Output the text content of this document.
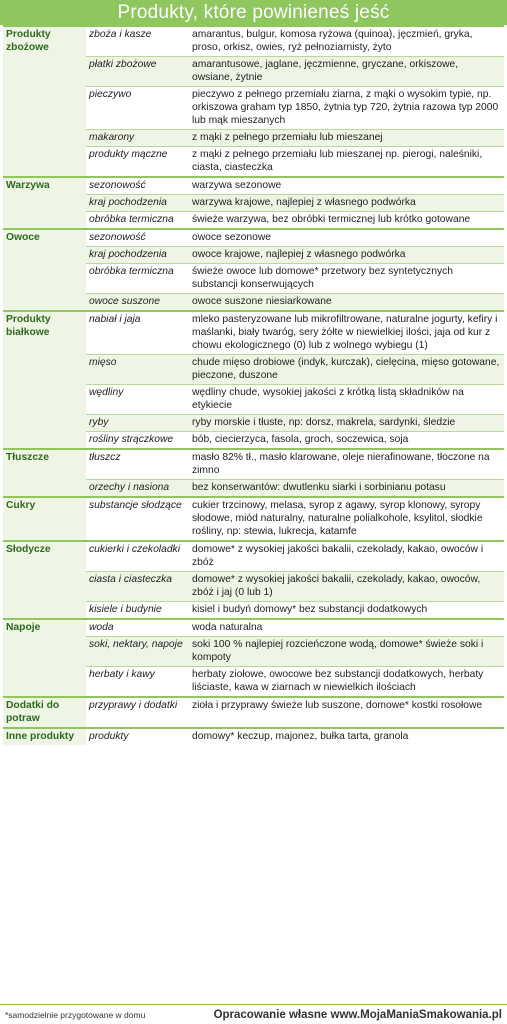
Produkty, które powinieneś jeść
Produkty zbożowe	zboża i kasze	amarantus, bulgur, komosa ryżowa (quinoa), jęczmień, gryka, proso, orkisz, owies, ryż pełnoziarnisty, żyto
	płatki zbożowe	amarantusowe, jaglane, jęczmienne, gryczane, orkiszowe, owsiane, żytnie
	pieczywo	pieczywo z pełnego przemiału ziarna, z mąki o wysokim typie, np. orkiszowa graham typ 1850, żytnia typ 720, żytnia razowa typ 2000 lub mąk mieszanych
	makarony	z mąki z pełnego przemiału lub mieszanej
	produkty mączne	z mąki z pełnego przemiału lub mieszanej np. pierogi, naleśniki, ciasta, ciasteczka
Warzywa	sezonowość	warzywa sezonowe
	kraj pochodzenia	warzywa krajowe, najlepiej z własnego podwórka
	obróbka termiczna	świeże warzywa, bez obróbki termicznej lub krótko gotowane
Owoce	sezonowość	owoce sezonowe
	kraj pochodzenia	owoce krajowe, najlepiej z własnego podwórka
	obróbka termiczna	świeże owoce lub domowe* przetwory bez syntetycznych substancji konserwujących
	owoce suszone	owoce suszone niesiarkowane
Produkty białkowe	nabiał i jaja	mleko pasteryzowane lub mikrofiltrowane, naturalne jogurty, kefiry i maślanki, biały twaróg, sery żółte w niewielkiej ilości, jaja od kur z chowu ekologicznego (0) lub z wolnego wybiegu (1)
	mięso	chude mięso drobiowe (indyk, kurczak), cielęcina, mięso gotowane, pieczone, duszone
	wędliny	wędliny chude, wysokiej jakości z krótką listą składników na etykiecie
	ryby	ryby morskie i tłuste, np: dorsz, makrela, sardynki, śledzie
	rośliny strączkowe	bób, ciecierzyca, fasola, groch, soczewica, soja
Tłuszcze	tłuszcz	masło 82% tł., masło klarowane, oleje nierafinowane, tłoczone na zimno
	orzechy i nasiona	bez konserwantów: dwutlenku siarki i sorbinianu potasu
Cukry	substancje słodzące	cukier trzcinowy, melasa, syrop z agawy, syrop klonowy, syropy słodowe, miód naturalny, naturalne polialkohole, ksylitol, słodkie rośliny, np: stewia, lukrecja, katamfe
Słodycze	cukierki i czekoladki	domowe* z wysokiej jakości bakalii, czekolady, kakao, owoców i zbóż
	ciasta i ciasteczka	domowe* z wysokiej jakości bakalii, czekolady, kakao, owoców, zbóż i jaj (0 lub 1)
	kisiele i budynie	kisiel i budyń domowy* bez substancji dodatkowych
Napoje	woda	woda naturalna
	soki, nektary, napoje	soki 100 % najlepiej rozcieńczone wodą, domowe* świeże soki i kompoty
	herbaty i kawy	herbaty ziołowe, owocowe bez substancji dodatkowych, herbaty liściaste, kawa w ziarnach w niewielkich ilościach
Dodatki do potraw	przyprawy i dodatki	zioła i przyprawy świeże lub suszone, domowe* kostki rosołowe
Inne produkty	produkty	domowy* keczup, majonez, bułka tarta, granola
*samodzielnie przygotowane w domu	Opracowanie własne www.MojaManiaSmakowania.pl
